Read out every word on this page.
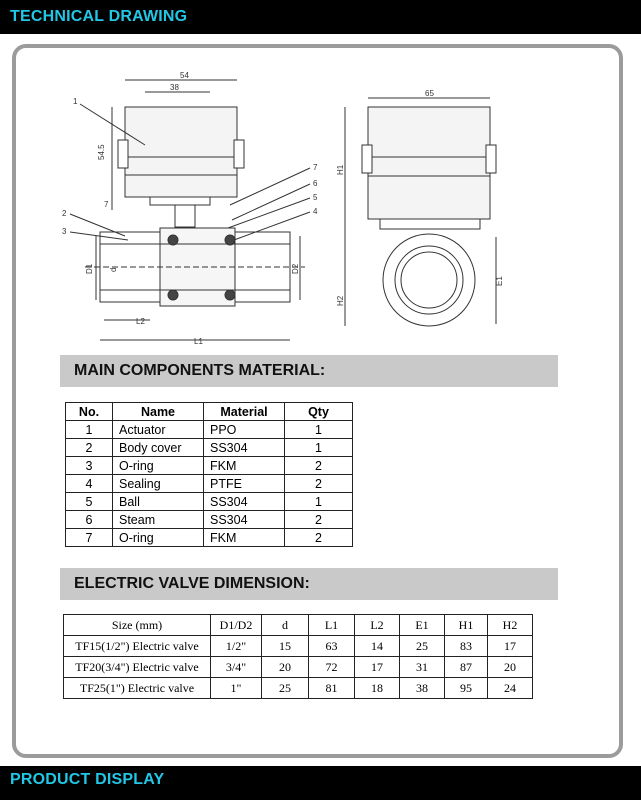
TECHNICAL DRAWING
54
38
54.5
7
D1 d	D2
L2
L1
65
H1
H2
E1
1
2
3
4
5
6
7
MAIN COMPONENTS MATERIAL:
No.	Name	Material	Qty
1	Actuator	PPO	1
2	Body cover	SS304	1
3	O-ring	FKM	2
4	Sealing	PTFE	2
5	Ball	SS304	1
6	Steam	SS304	2
7	O-ring	FKM	2
ELECTRIC VALVE DIMENSION:
Size (mm)	D1/D2	d	L1	L2	E1	H1	H2
TF15(1/2") Electric valve	1/2"	15	63	14	25	83	17
TF20(3/4") Electric valve	3/4"	20	72	17	31	87	20
TF25(1") Electric valve	1"	25	81	18	38	95	24
PRODUCT DISPLAY
